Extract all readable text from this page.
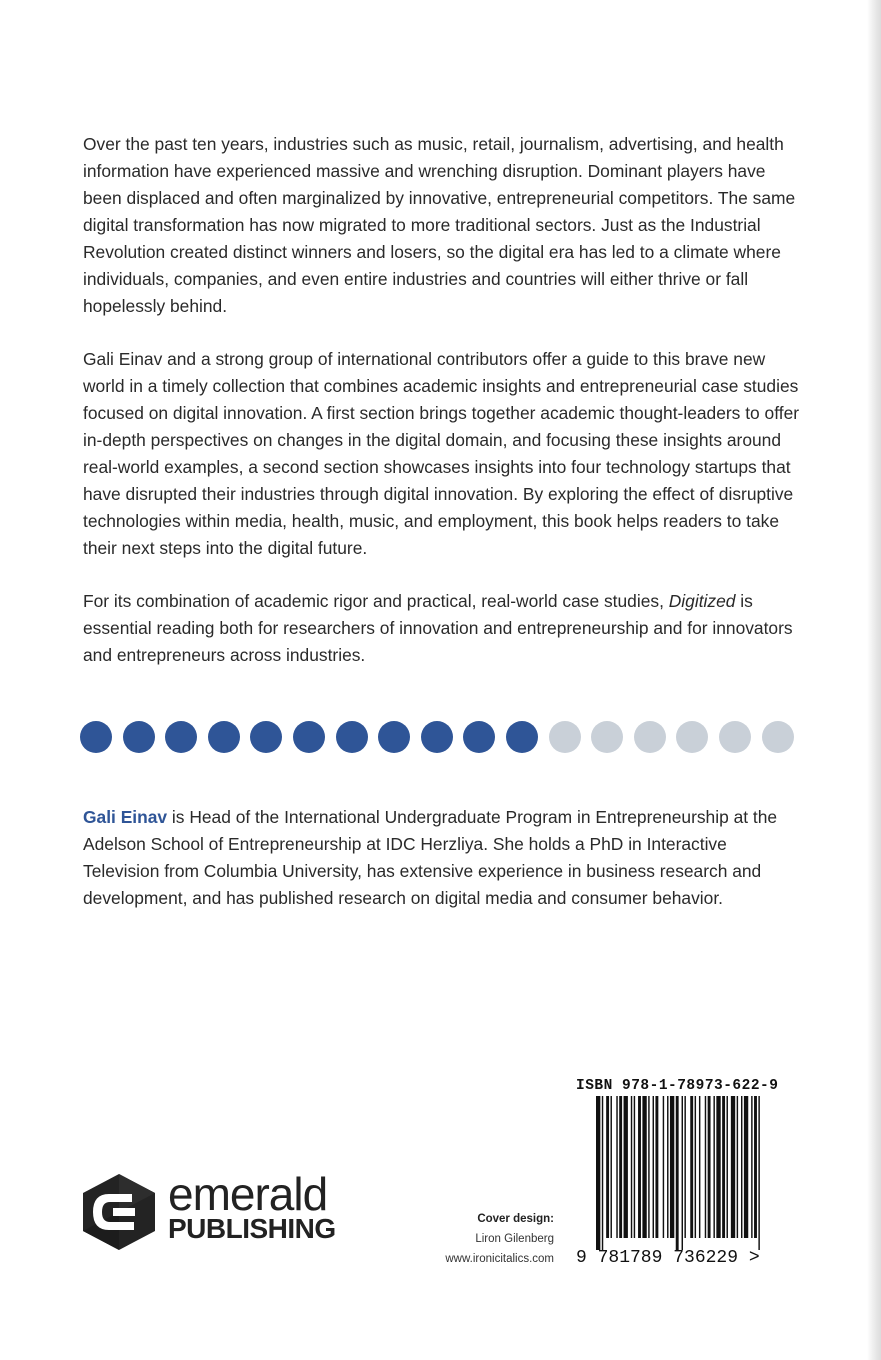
Over the past ten years, industries such as music, retail, journalism, advertising, and health information have experienced massive and wrenching disruption. Dominant players have been displaced and often marginalized by innovative, entrepreneurial competitors. The same digital transformation has now migrated to more traditional sectors. Just as the Industrial Revolution created distinct winners and losers, so the digital era has led to a climate where individuals, companies, and even entire industries and countries will either thrive or fall hopelessly behind.

Gali Einav and a strong group of international contributors offer a guide to this brave new world in a timely collection that combines academic insights and entrepreneurial case studies focused on digital innovation. A first section brings together academic thought-leaders to offer in-depth perspectives on changes in the digital domain, and focusing these insights around real-world examples, a second section showcases insights into four technology startups that have disrupted their industries through digital innovation. By exploring the effect of disruptive technologies within media, health, music, and employment, this book helps readers to take their next steps into the digital future.

For its combination of academic rigor and practical, real-world case studies, Digitized is essential reading both for researchers of innovation and entrepreneurship and for innovators and entrepreneurs across industries.

Gali Einav is Head of the International Undergraduate Program in Entrepreneurship at the Adelson School of Entrepreneurship at IDC Herzliya. She holds a PhD in Interactive Television from Columbia University, has extensive experience in business research and development, and has published research on digital media and consumer behavior.

emerald
PUBLISHING	Cover design:
Liron Gilenberg
www.ironicitalics.com
ISBN 978-1-78973-622-9
9 781789 736229 >
